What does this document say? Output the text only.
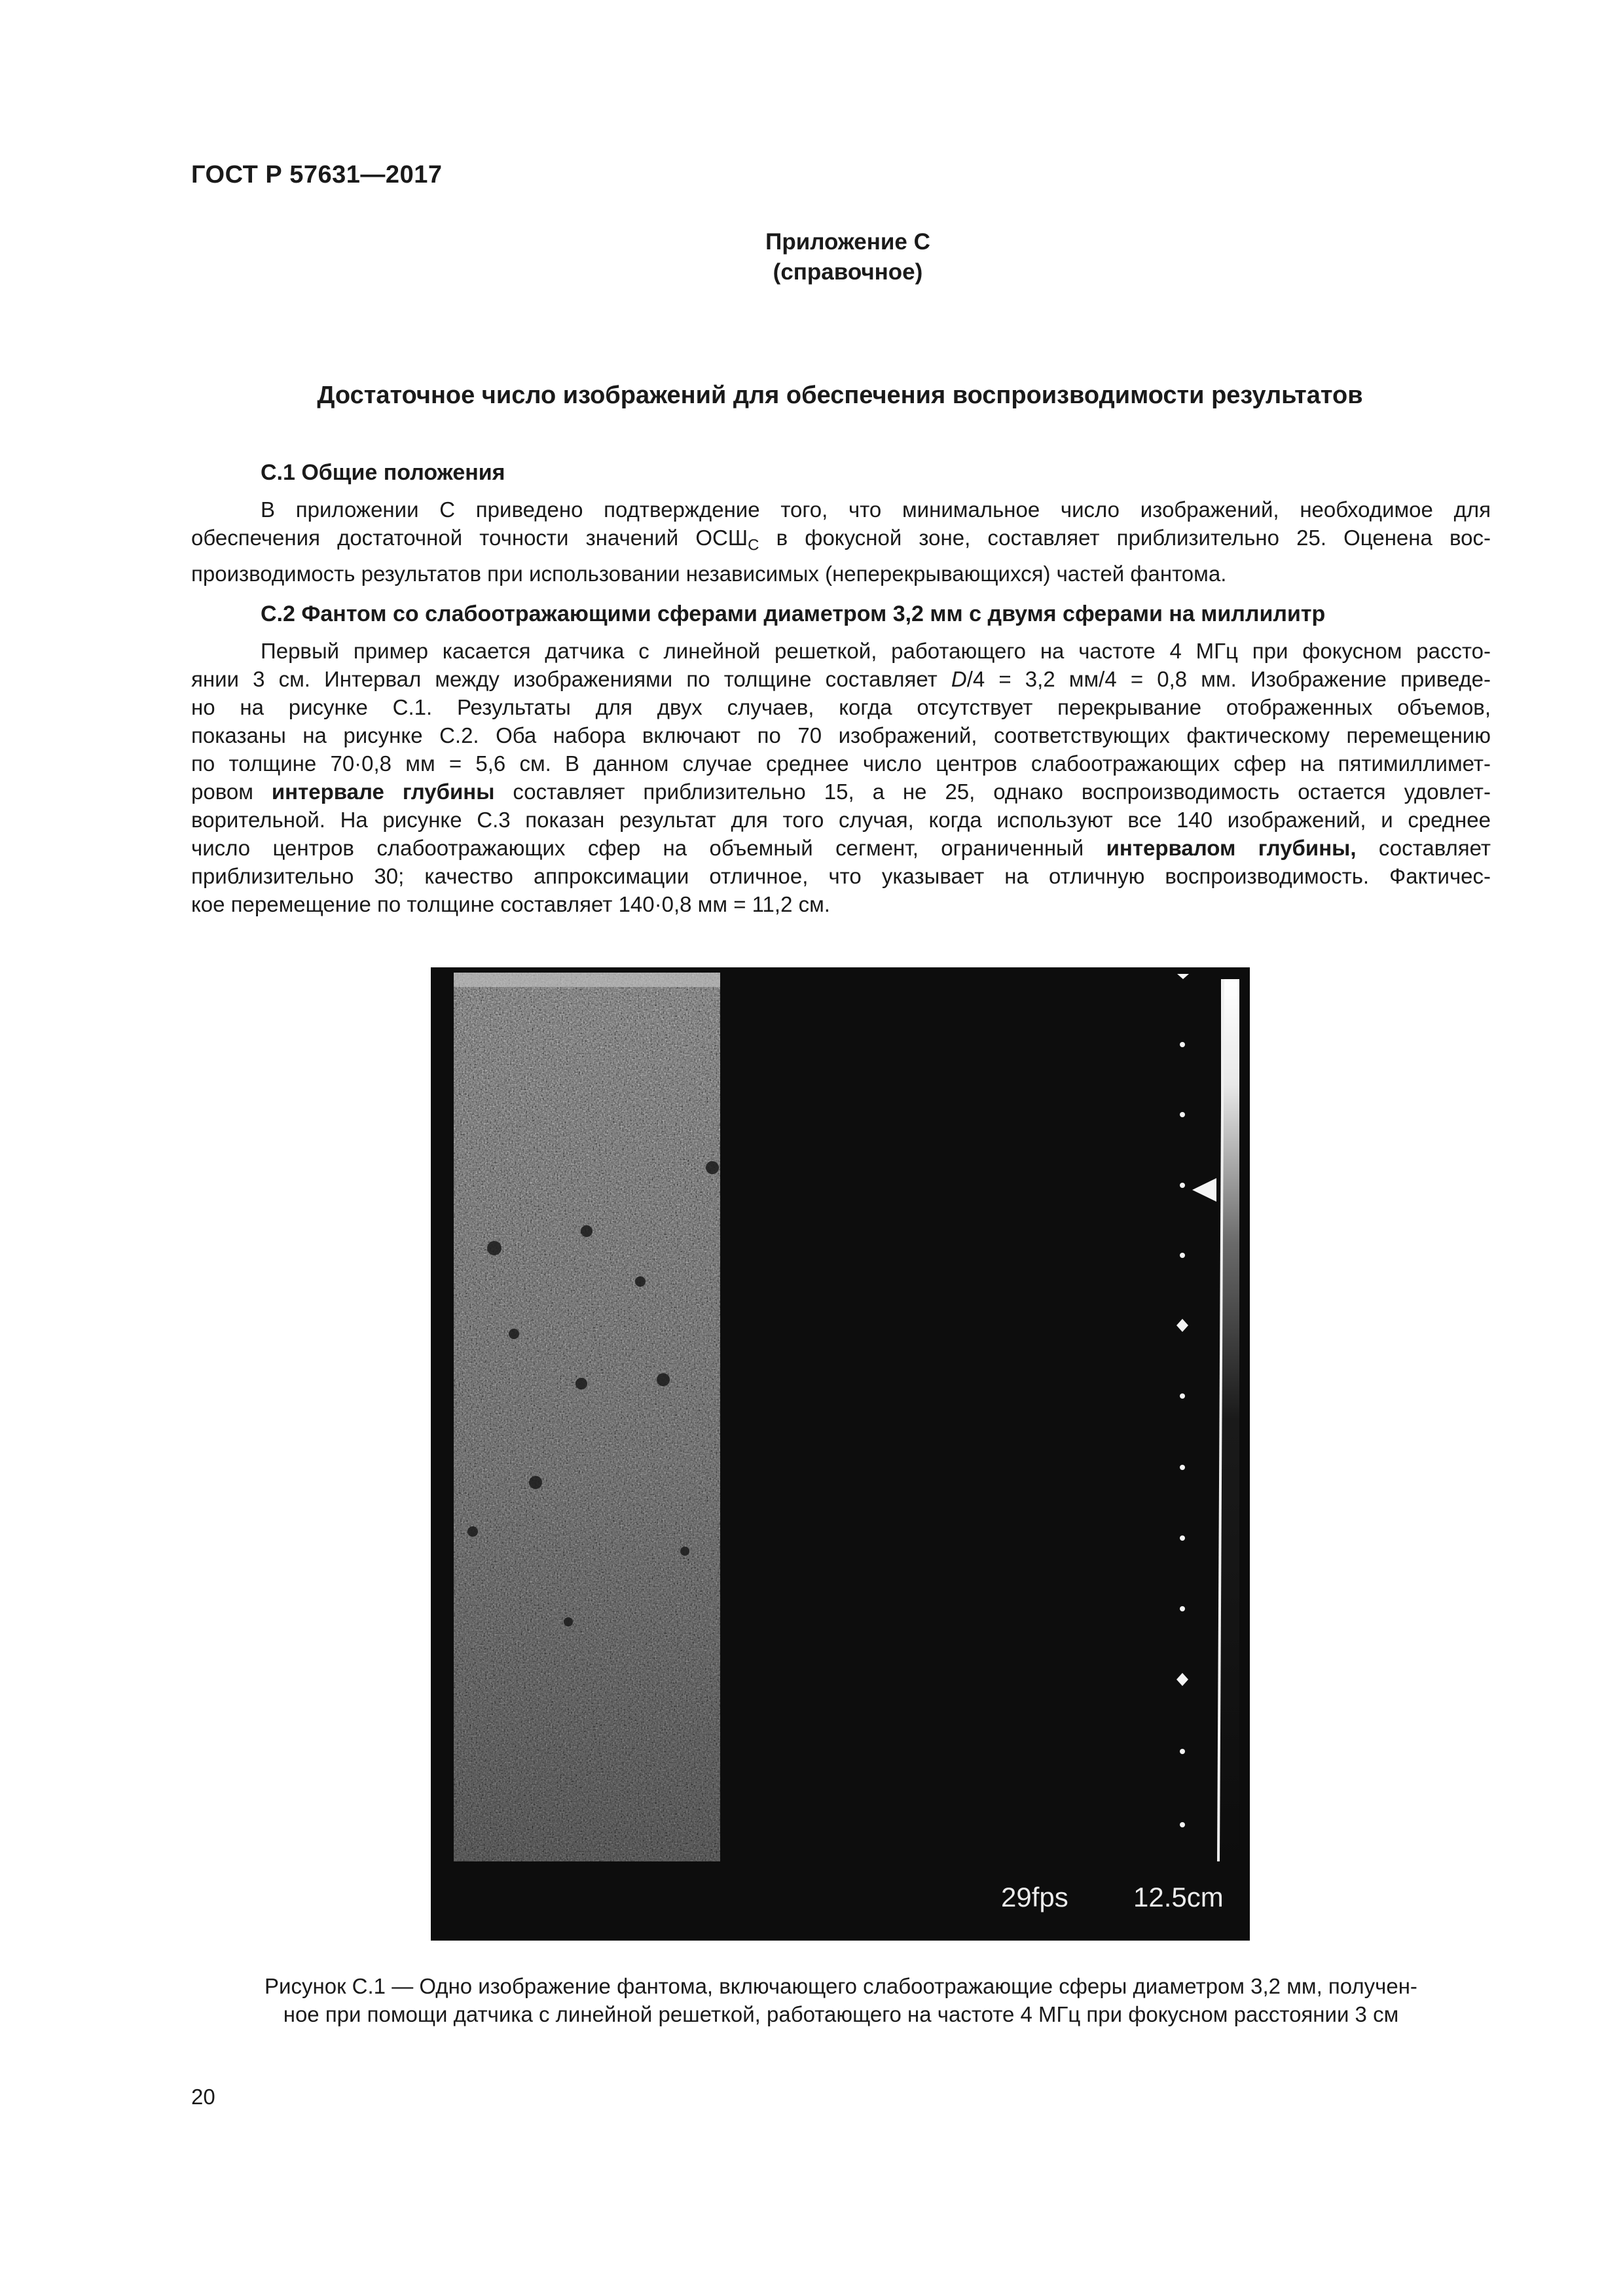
ГОСТ Р 57631—2017
Приложение С
(справочное)
Достаточное число изображений для обеспечения воспроизводимости результатов
С.1 Общие положения
В приложении С приведено подтверждение того, что минимальное число изображений, необходимое для
обеспечения достаточной точности значений $ОСШ_C$ в фокусной зоне, составляет приблизительно 25. Оценена вос-
производимость результатов при использовании независимых (неперекрывающихся) частей фантома.
С.2 Фантом со слабоотражающими сферами диаметром 3,2 мм с двумя сферами на миллилитр
Первый пример касается датчика с линейной решеткой, работающего на частоте 4 МГц при фокусном рассто-
янии 3 см. Интервал между изображениями по толщине составляет D/4 = 3,2 мм/4 = 0,8 мм. Изображение приведе-
но на рисунке С.1. Результаты для двух случаев, когда отсутствует перекрывание отображенных объемов,
показаны на рисунке С.2. Оба набора включают по 70 изображений, соответствующих фактическому перемещению
по толщине 70·0,8 мм = 5,6 см. В данном случае среднее число центров слабоотражающих сфер на пятимиллимет-
ровом интервале глубины составляет приблизительно 15, а не 25, однако воспроизводимость остается удовлет-
ворительной. На рисунке С.3 показан результат для того случая, когда используют все 140 изображений, и среднее
число центров слабоотражающих сфер на объемный сегмент, ограниченный интервалом глубины, составляет
приблизительно 30; качество аппроксимации отличное, что указывает на отличную воспроизводимость. Фактичес-
кое перемещение по толщине составляет 140·0,8 мм = 11,2 см.
29fps 12.5cm
Рисунок С.1 — Одно изображение фантома, включающего слабоотражающие сферы диаметром 3,2 мм, получен-
ное при помощи датчика с линейной решеткой, работающего на частоте 4 МГц при фокусном расстоянии 3 см
20
